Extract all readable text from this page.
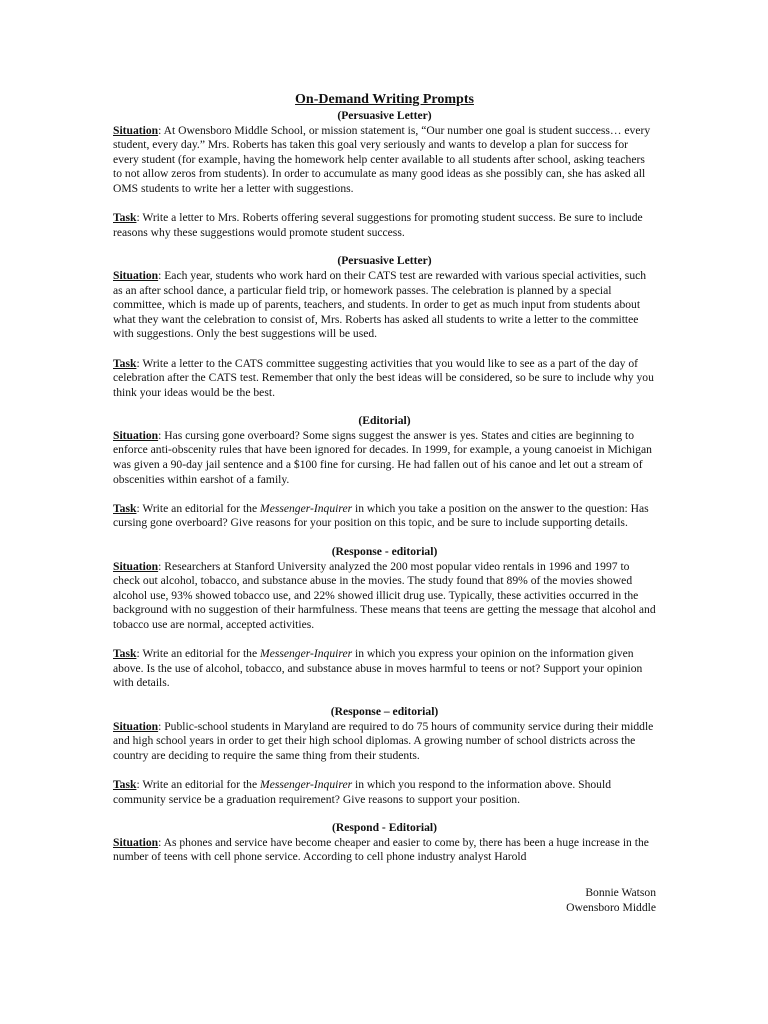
On-Demand Writing Prompts
(Persuasive Letter)

Situation: At Owensboro Middle School, or mission statement is, “Our number one goal is student success… every student, every day.” Mrs. Roberts has taken this goal very seriously and wants to develop a plan for success for every student (for example, having the homework help center available to all students after school, asking teachers to not allow zeros from students). In order to accumulate as many good ideas as she possibly can, she has asked all OMS students to write her a letter with suggestions.

Task: Write a letter to Mrs. Roberts offering several suggestions for promoting student success. Be sure to include reasons why these suggestions would promote student success.

(Persuasive Letter)

Situation: Each year, students who work hard on their CATS test are rewarded with various special activities, such as an after school dance, a particular field trip, or homework passes. The celebration is planned by a special committee, which is made up of parents, teachers, and students. In order to get as much input from students about what they want the celebration to consist of, Mrs. Roberts has asked all students to write a letter to the committee with suggestions. Only the best suggestions will be used.

Task: Write a letter to the CATS committee suggesting activities that you would like to see as a part of the day of celebration after the CATS test. Remember that only the best ideas will be considered, so be sure to include why you think your ideas would be the best.

(Editorial)

Situation: Has cursing gone overboard? Some signs suggest the answer is yes. States and cities are beginning to enforce anti-obscenity rules that have been ignored for decades. In 1999, for example, a young canoeist in Michigan was given a 90-day jail sentence and a $100 fine for cursing. He had fallen out of his canoe and let out a stream of obscenities within earshot of a family.

Task: Write an editorial for the Messenger-Inquirer in which you take a position on the answer to the question: Has cursing gone overboard? Give reasons for your position on this topic, and be sure to include supporting details.

(Response - editorial)

Situation: Researchers at Stanford University analyzed the 200 most popular video rentals in 1996 and 1997 to check out alcohol, tobacco, and substance abuse in the movies. The study found that 89% of the movies showed alcohol use, 93% showed tobacco use, and 22% showed illicit drug use. Typically, these activities occurred in the background with no suggestion of their harmfulness. These means that teens are getting the message that alcohol and tobacco use are normal, accepted activities.

Task: Write an editorial for the Messenger-Inquirer in which you express your opinion on the information given above. Is the use of alcohol, tobacco, and substance abuse in moves harmful to teens or not? Support your opinion with details.

(Response – editorial)

Situation: Public-school students in Maryland are required to do 75 hours of community service during their middle and high school years in order to get their high school diplomas. A growing number of school districts across the country are deciding to require the same thing from their students.

Task: Write an editorial for the Messenger-Inquirer in which you respond to the information above. Should community service be a graduation requirement? Give reasons to support your position.

(Respond - Editorial)

Situation: As phones and service have become cheaper and easier to come by, there has been a huge increase in the number of teens with cell phone service. According to cell phone industry analyst Harold

Bonnie Watson
Owensboro Middle
